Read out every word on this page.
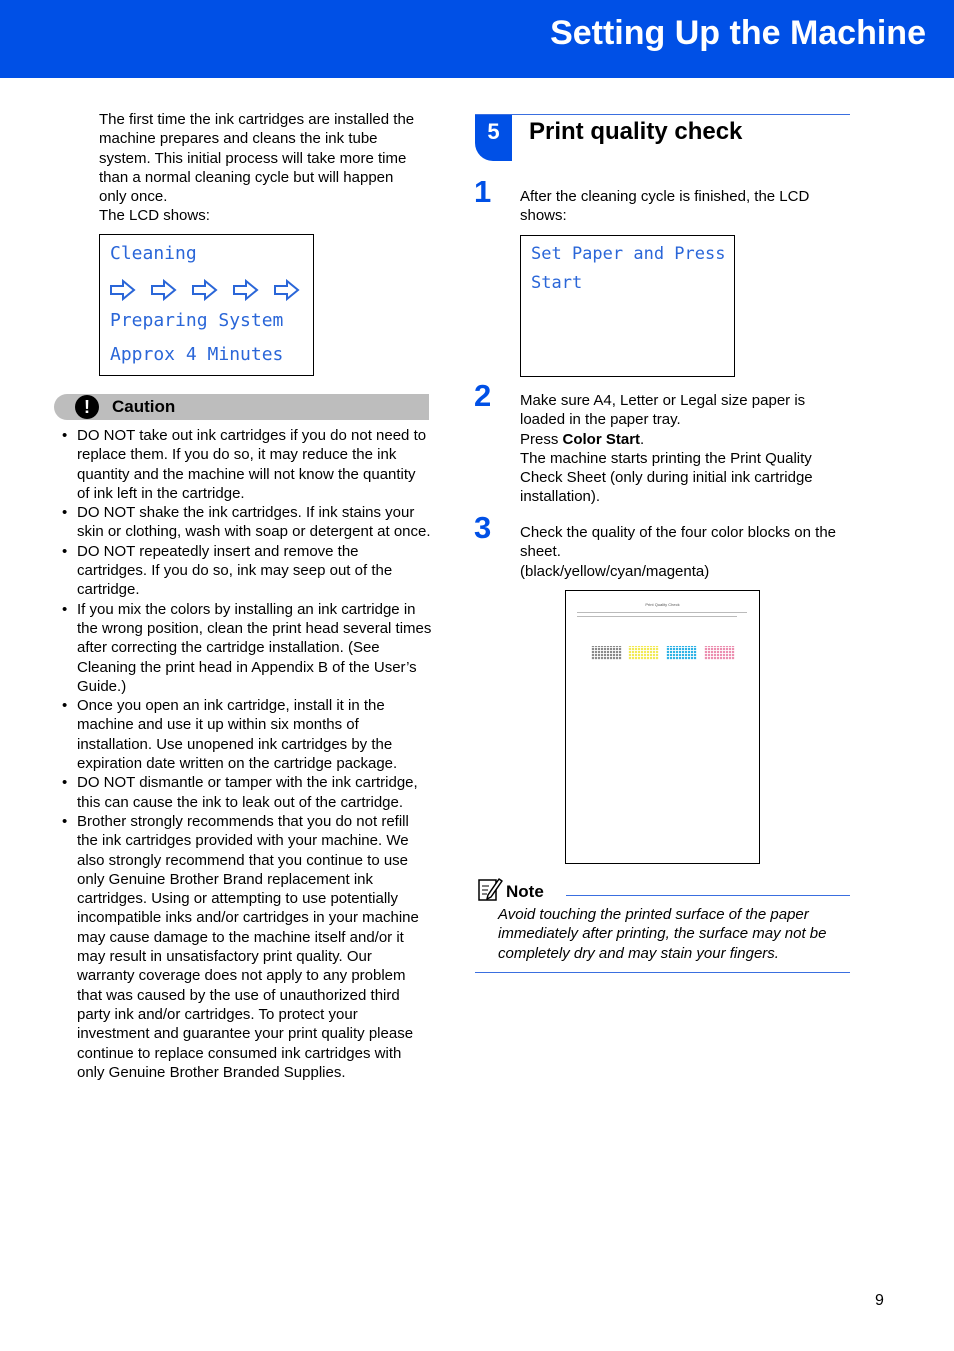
Setting Up the Machine
The first time the ink cartridges are installed the
machine prepares and cleans the ink tube
system. This initial process will take more time
than a normal cleaning cycle but will happen
only once.
The LCD shows:
Cleaning
Preparing System
Approx 4 Minutes
!	Caution
• DO NOT take out ink cartridges if you do not need to replace them. If you do so, it may reduce the ink quantity and the machine will not know the quantity of ink left in the cartridge.
• DO NOT shake the ink cartridges. If ink stains your skin or clothing, wash with soap or detergent at once.
• DO NOT repeatedly insert and remove the cartridges. If you do so, ink may seep out of the cartridge.
• If you mix the colors by installing an ink cartridge in the wrong position, clean the print head several times after correcting the cartridge installation. (See Cleaning the print head in Appendix B of the User’s Guide.)
• Once you open an ink cartridge, install it in the machine and use it up within six months of installation. Use unopened ink cartridges by the expiration date written on the cartridge package.
• DO NOT dismantle or tamper with the ink cartridge, this can cause the ink to leak out of the cartridge.
• Brother strongly recommends that you do not refill the ink cartridges provided with your machine. We also strongly recommend that you continue to use only Genuine Brother Brand replacement ink cartridges. Using or attempting to use potentially incompatible inks and/or cartridges in your machine may cause damage to the machine itself and/or it may result in unsatisfactory print quality. Our warranty coverage does not apply to any problem that was caused by the use of unauthorized third party ink and/or cartridges. To protect your investment and guarantee your print quality please continue to replace consumed ink cartridges with only Genuine Brother Branded Supplies.
5	Print quality check
1 After the cleaning cycle is finished, the LCD shows:
Set Paper and Press
Start
2 Make sure A4, Letter or Legal size paper is loaded in the paper tray.
Press Color Start.
The machine starts printing the Print Quality Check Sheet (only during initial ink cartridge installation).
3 Check the quality of the four color blocks on the sheet.
(black/yellow/cyan/magenta)
Print Quality Check
Note
Avoid touching the printed surface of the paper immediately after printing, the surface may not be completely dry and may stain your fingers.
9
